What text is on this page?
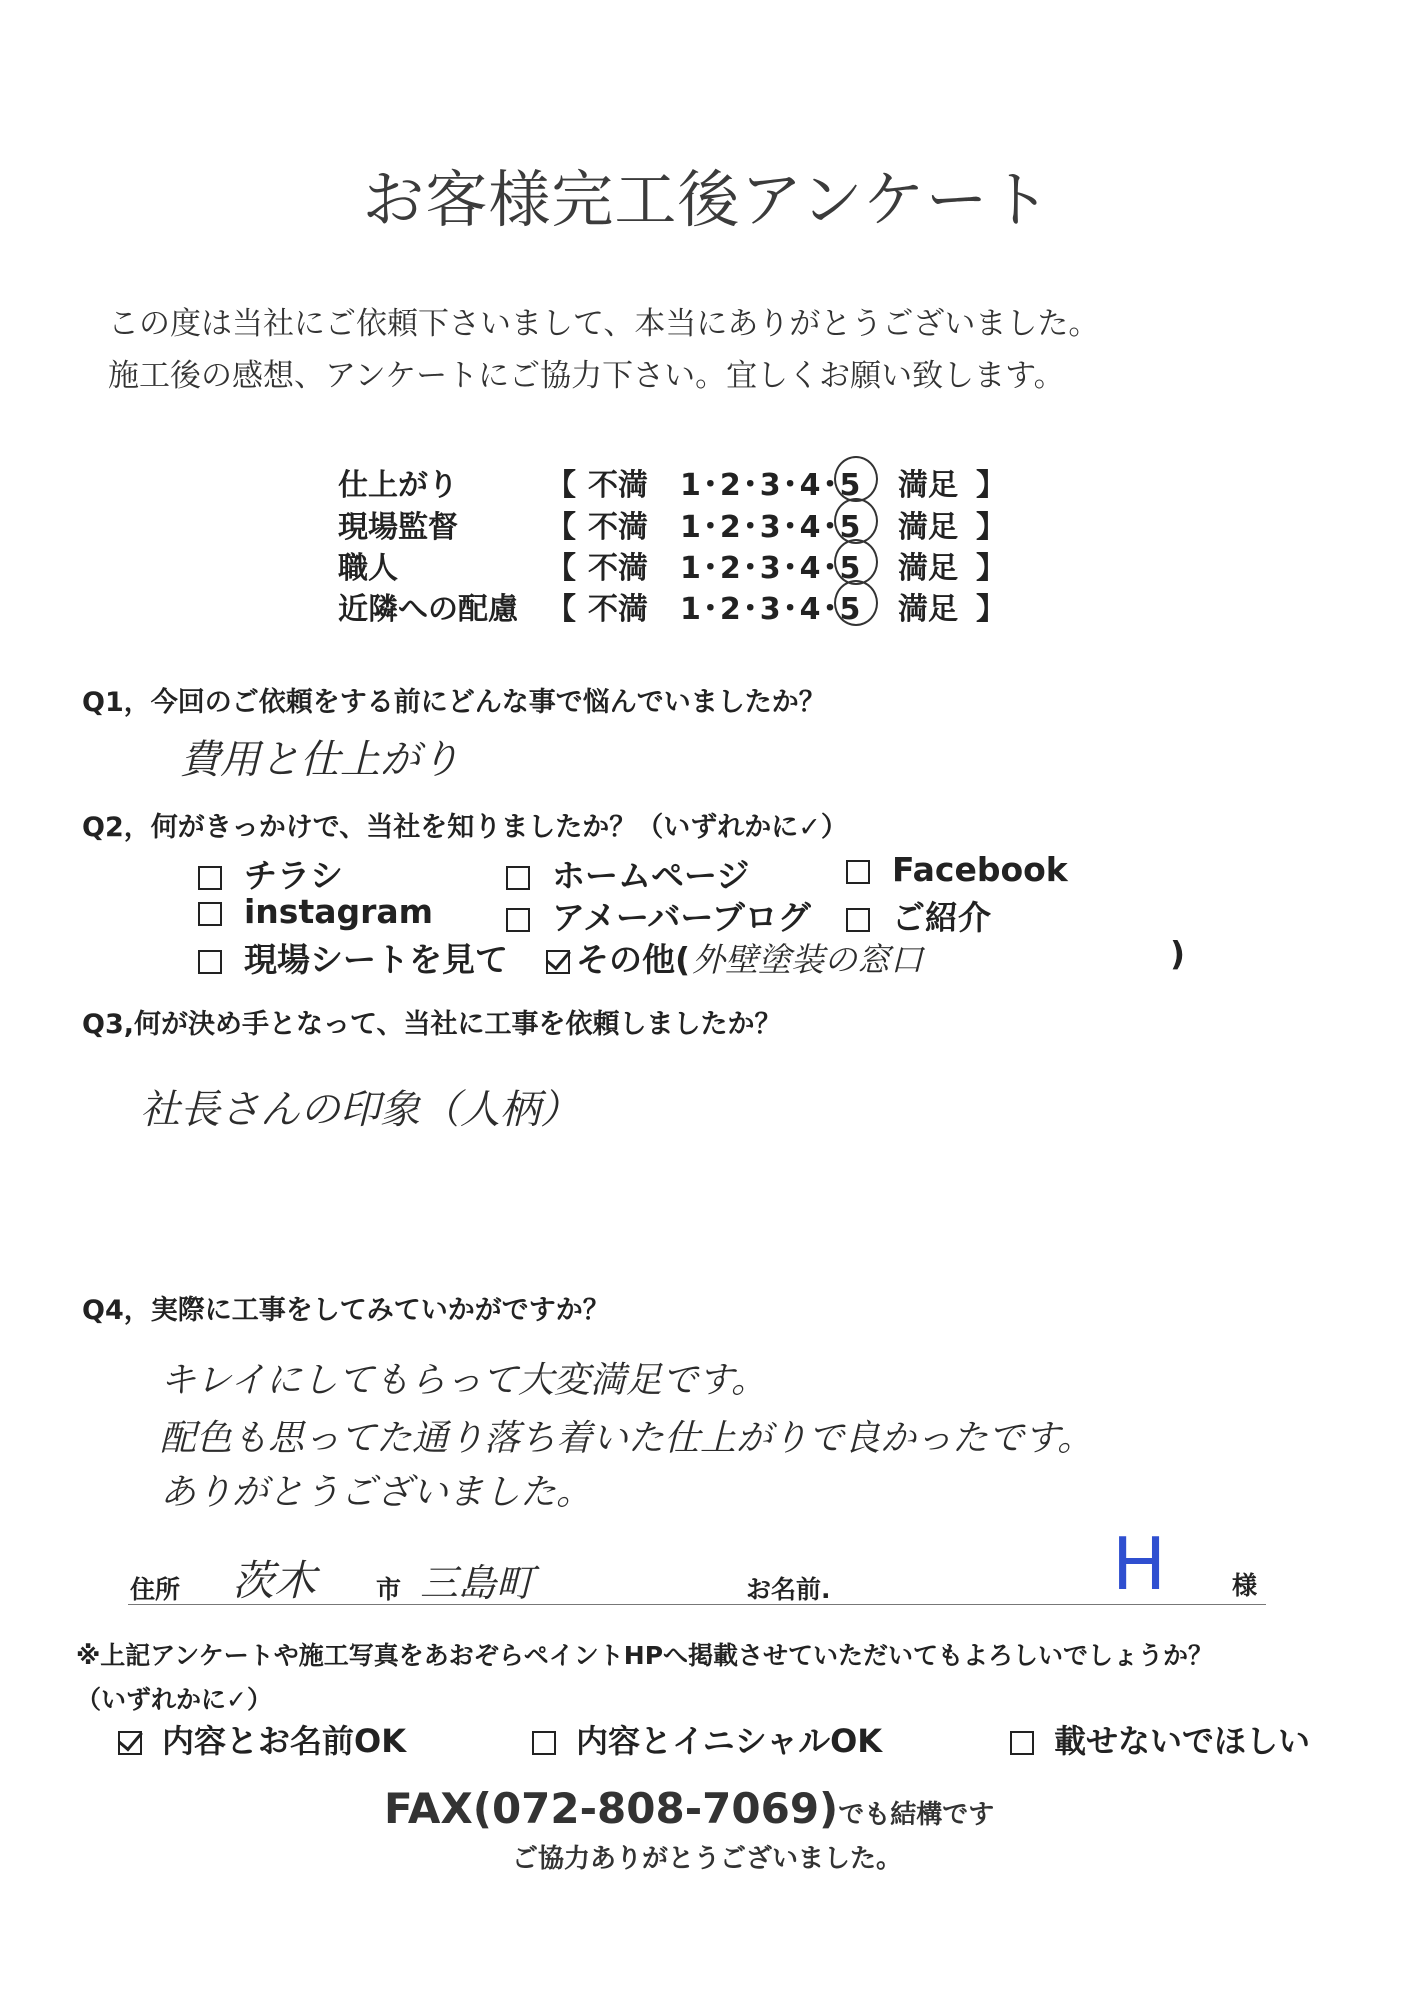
お客様完工後アンケート
この度は当社にご依頼下さいまして、本当にありがとうございました。
施工後の感想、アンケートにご協力下さい。宜しくお願い致します。
仕上がり	【 不満 1･2･3･4･5 満足 】
現場監督	【 不満 1･2･3･4･5 満足 】
職人	【 不満 1･2･3･4･5 満足 】
近隣への配慮 【 不満 1･2･3･4･5 満足 】
Q1，今回のご依頼をする前にどんな事で悩んでいましたか？
費用と仕上がり
Q2，何がきっかけで、当社を知りましたか？（いずれかに✓）
チラシ	ホームページ	Facebook
instagram	アメーバーブログ	ご紹介
現場シートを見て	その他( 外壁塗装の窓口	)
Q3,何が決め手となって、当社に工事を依頼しましたか？
社長さんの印象（人柄）
Q4，実際に工事をしてみていかがですか？
キレイにしてもらって大変満足です。
配色も思ってた通り落ち着いた仕上がりで良かったです。
ありがとうございました。
住所 茨木 市 三島町	お名前.	H	様
※上記アンケートや施工写真をあおぞらペイントHPへ掲載させていただいてもよろしいでしょうか？
（いずれかに✓）
内容とお名前OK	内容とイニシャルOK	載せないでほしい
FAX(072-808-7069)でも結構です
ご協力ありがとうございました。
